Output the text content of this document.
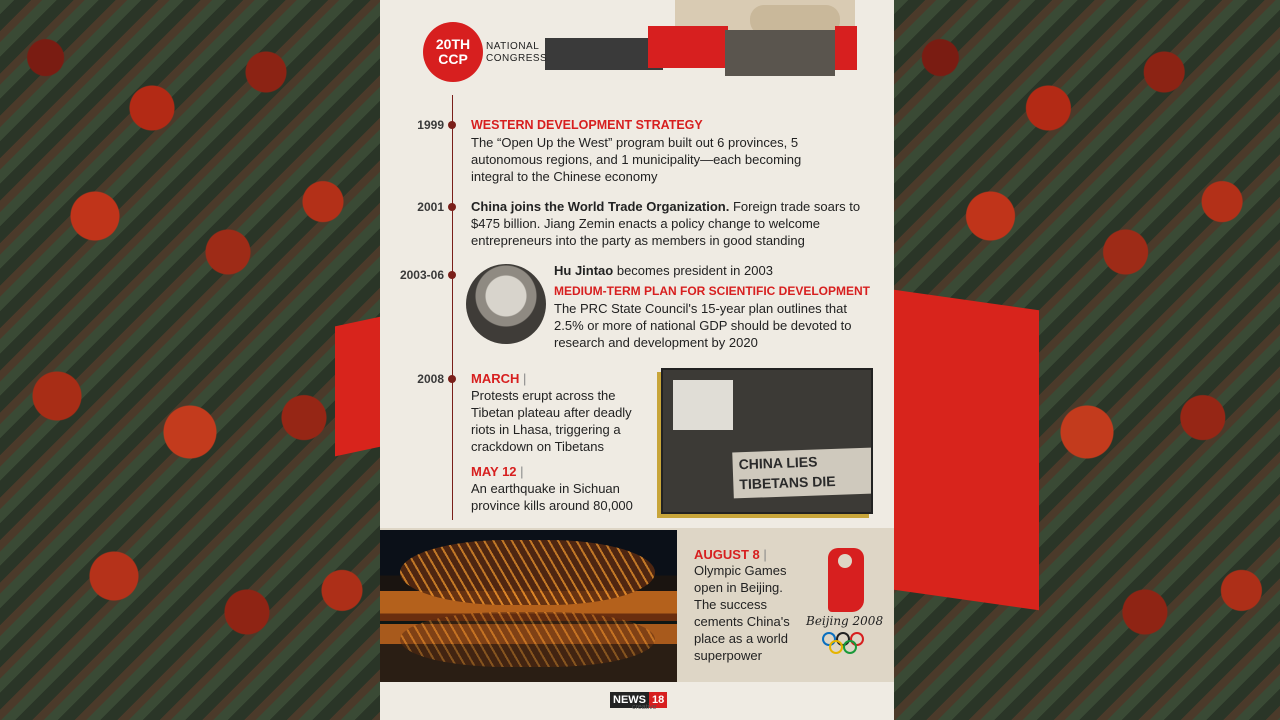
20TH
CCP
NATIONAL
CONGRESS
1999 WESTERN DEVELOPMENT STRATEGY
The “Open Up the West” program built out 6 provinces, 5 autonomous regions, and 1 municipality—each becoming integral to the Chinese economy
2001 China joins the World Trade Organization. Foreign trade soars to $475 billion. Jiang Zemin enacts a policy change to welcome entrepreneurs into the party as members in good standing
2003-06	Hu Jintao becomes president in 2003
MEDIUM-TERM PLAN FOR SCIENTIFIC DEVELOPMENT
The PRC State Council's 15-year plan outlines that 2.5% or more of national GDP should be devoted to research and development by 2020
2008 MARCH |
Protests erupt across the Tibetan plateau after deadly riots in Lhasa, triggering a crackdown on Tibetans
MAY 12 |
An earthquake in Sichuan province kills around 80,000
CHINA LIES
TIBETANS DIE
AUGUST 8 |
Olympic Games open in Beijing. The success cements China's place as a world superpower
Beijing 2008
NEWS 18
creative
